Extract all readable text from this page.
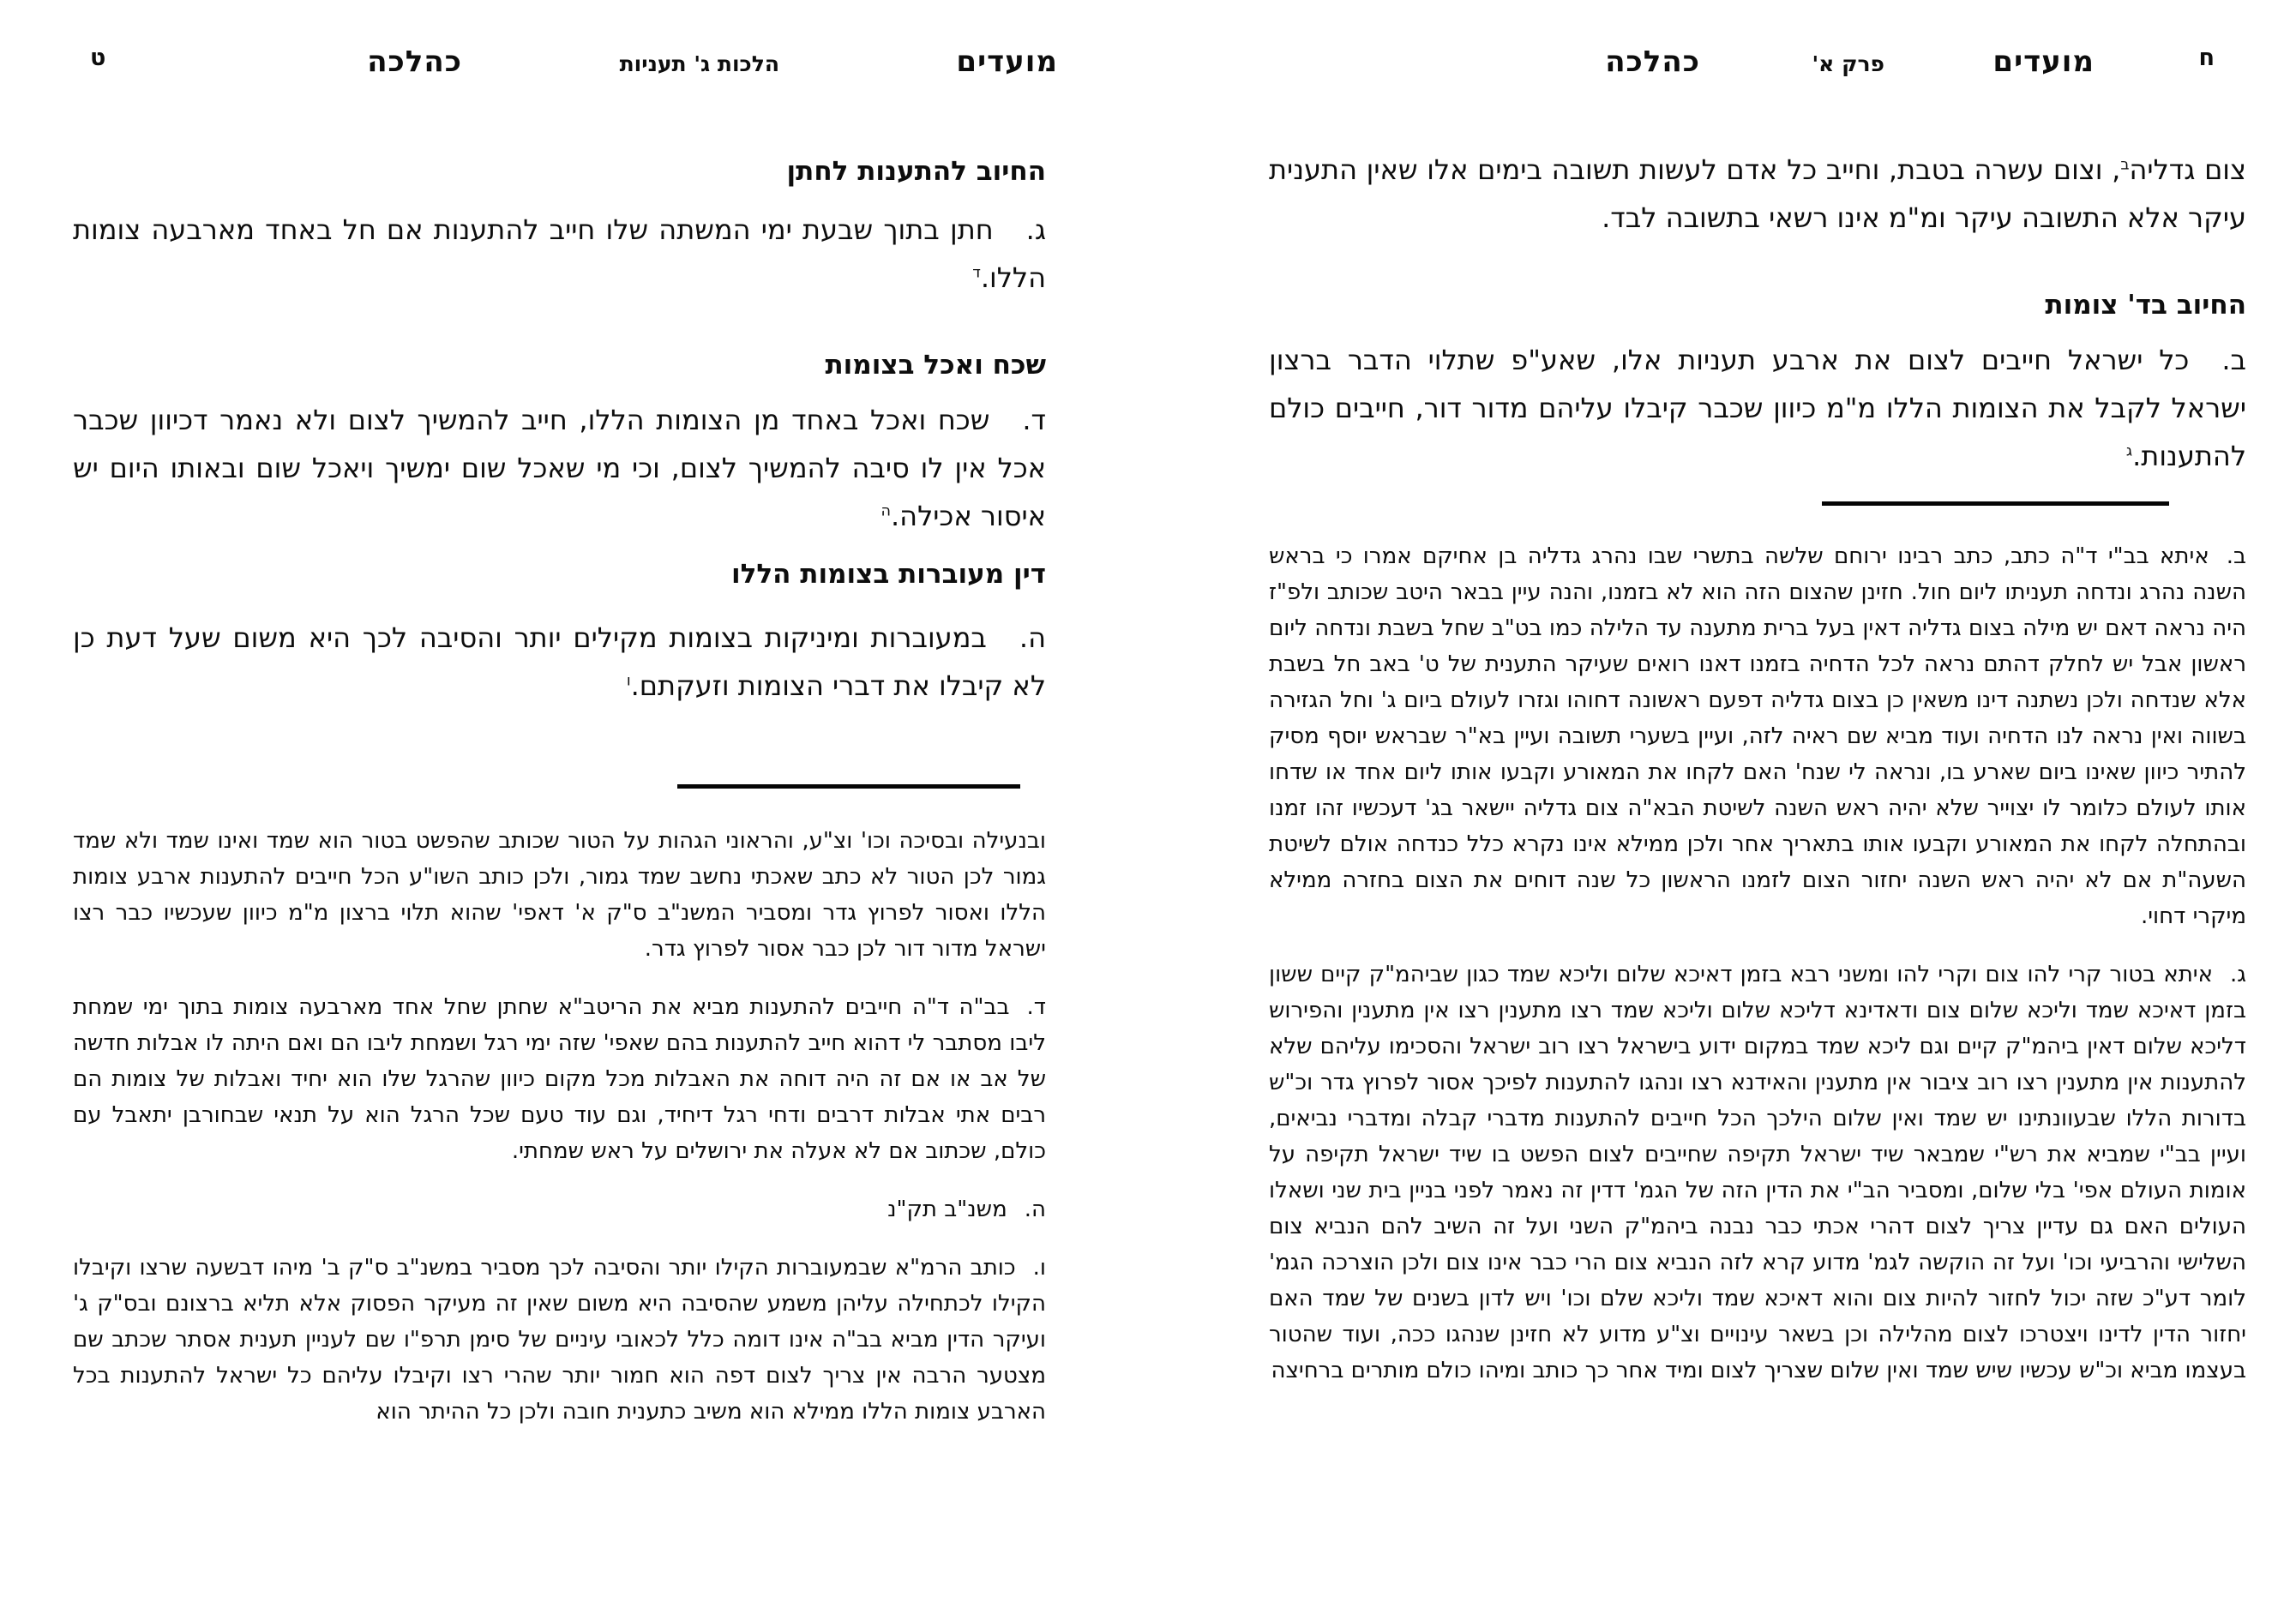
ח
מועדים
פרק א'
כהלכה
צום גדליה$^ב$, וצום עשרה בטבת, וחייב כל אדם לעשות תשובה בימים אלו שאין התענית עיקר אלא התשובה עיקר ומ"מ אינו רשאי בתשובה לבד.
החיוב בד' צומות
ב.כל ישראל חייבים לצום את ארבע תעניות אלו, שאע"פ שתלוי הדבר ברצון ישראל לקבל את הצומות הללו מ"מ כיוון שכבר קיבלו עליהם מדור דור, חייבים כולם להתענות.$^ג$

ב.איתא בב"י ד"ה כתב, כתב רבינו ירוחם שלשה בתשרי שבו נהרג גדליה בן אחיקם אמרו כי בראש השנה נהרג ונדחה תעניתו ליום חול. חזינן שהצום הזה הוא לא בזמנו, והנה עיין בבאר היטב שכותב ולפ"ז היה נראה דאם יש מילה בצום גדליה דאין בעל ברית מתענה עד הלילה כמו בט"ב שחל בשבת ונדחה ליום ראשון אבל יש לחלק דהתם נראה לכל הדחיה בזמנו דאנו רואים שעיקר התענית של ט' באב חל בשבת אלא שנדחה ולכן נשתנה דינו משאין כן בצום גדליה דפעם ראשונה דחוהו וגזרו לעולם ביום ג' וחל הגזירה בשווה ואין נראה לנו הדחיה ועוד מביא שם ראיה לזה, ועיין בשערי תשובה ועיין בא"ר שבראש יוסף מסיק להתיר כיוון שאינו ביום שארע בו, ונראה לי שנח' האם לקחו את המאורע וקבעו אותו ליום אחד או שדחו אותו לעולם כלומר לו יצוייר שלא יהיה ראש השנה לשיטת הבא"ה צום גדליה יישאר בג' דעכשיו זהו זמנו ובהתחלה לקחו את המאורע וקבעו אותו בתאריך אחר ולכן ממילא אינו נקרא כלל כנדחה אולם לשיטת השעה"ת אם לא יהיה ראש השנה יחזור הצום לזמנו הראשון כל שנה דוחים את הצום בחזרה ממילא מיקרי דחוי.

ג.איתא בטור קרי להו צום וקרי להו ומשני רבא בזמן דאיכא שלום וליכא שמד כגון שביהמ"ק קיים ששון בזמן דאיכא שמד וליכא שלום צום ודאדינא דליכא שלום וליכא שמד רצו מתענין רצו אין מתענין והפירוש דליכא שלום דאין ביהמ"ק קיים וגם ליכא שמד במקום ידוע בישראל רצו רוב ישראל והסכימו עליהם שלא להתענות אין מתענין רצו רוב ציבור אין מתענין והאידנא רצו ונהגו להתענות לפיכך אסור לפרוץ גדר וכ"ש בדורות הללו שבעוונתינו יש שמד ואין שלום הילכך הכל חייבים להתענות מדברי קבלה ומדברי נביאים, ועיין בב"י שמביא את רש"י שמבאר שיד ישראל תקיפה שחייבים לצום הפשט בו שיד ישראל תקיפה על אומות העולם אפי' בלי שלום, ומסביר הב"י את הדין הזה של הגמ' דדין זה נאמר לפני בניין בית שני ושאלו העולים האם גם עדיין צריך לצום דהרי אכתי כבר נבנה ביהמ"ק השני ועל זה השיב להם הנביא צום השלישי והרביעי וכו' ועל זה הוקשה לגמ' מדוע קרא לזה הנביא צום הרי כבר אינו צום ולכן הוצרכה הגמ' לומר דע"כ שזה יכול לחזור להיות צום והוא דאיכא שמד וליכא שלם וכו' ויש לדון בשנים של שמד האם יחזור הדין לדינו ויצטרכו לצום מהלילה וכן בשאר עינויים וצ"ע מדוע לא חזינן שנהגו ככה, ועוד שהטור בעצמו מביא וכ"ש עכשיו שיש שמד ואין שלום שצריך לצום ומיד אחר כך כותב ומיהו כולם מותרים ברחיצה

מועדים
הלכות ג' תעניות
כהלכה
ט
החיוב להתענות לחתן
ג.חתן בתוך שבעת ימי המשתה שלו חייב להתענות אם חל באחד מארבעה צומות הללו.$^ד$
שכח ואכל בצומות
ד.שכח ואכל באחד מן הצומות הללו, חייב להמשיך לצום ולא נאמר דכיוון שכבר אכל אין לו סיבה להמשיך לצום, וכי מי שאכל שום ימשיך ויאכל שום ובאותו היום יש איסור אכילה.$^ה$
דין מעוברות בצומות הללו
ה.במעוברות ומיניקות בצומות מקילים יותר והסיבה לכך היא משום שעל דעת כן לא קיבלו את דברי הצומות וזעקתם.$^ו$

ובנעילה ובסיכה וכו' וצ"ע, והראוני הגהות על הטור שכותב שהפשט בטור הוא שמד ואינו שמד ולא שמד גמור לכן הטור לא כתב שאכתי נחשב שמד גמור, ולכן כותב השו"ע הכל חייבים להתענות ארבע צומות הללו ואסור לפרוץ גדר ומסביר המשנ"ב ס"ק א' דאפי' שהוא תלוי ברצון מ"מ כיוון שעכשיו כבר רצו ישראל מדור דור לכן כבר אסור לפרוץ גדר.

ד.בב"ה ד"ה חייבים להתענות מביא את הריטב"א שחתן שחל אחד מארבעה צומות בתוך ימי שמחת ליבו מסתבר לי דהוא חייב להתענות בהם שאפי' שזה ימי רגל ושמחת ליבו הם ואם היתה לו אבלות חדשה של אב או אם זה היה דוחה את האבלות מכל מקום כיוון שהרגל שלו הוא יחיד ואבלות של צומות הם רבים אתי אבלות דרבים ודחי רגל דיחיד, וגם עוד טעם שכל הרגל הוא על תנאי שבחורבן יתאבל עם כולם, שכתוב אם לא אעלה את ירושלים על ראש שמחתי.

ה.משנ"ב תק"נ

ו.כותב הרמ"א שבמעוברות הקילו יותר והסיבה לכך מסביר במשנ"ב ס"ק ב' מיהו דבשעה שרצו וקיבלו הקילו לכתחילה עליהן משמע שהסיבה היא משום שאין זה מעיקר הפסוק אלא תליא ברצונם ובס"ק ג' ועיקר הדין מביא בב"ה אינו דומה כלל לכאובי עיניים של סימן תרפ"ו שם לעניין תענית אסתר שכתב שם מצטער הרבה אין צריך לצום דפה הוא חמור יותר שהרי רצו וקיבלו עליהם כל ישראל להתענות בכל הארבע צומות הללו ממילא הוא משיב כתענית חובה ולכן כל ההיתר הוא
